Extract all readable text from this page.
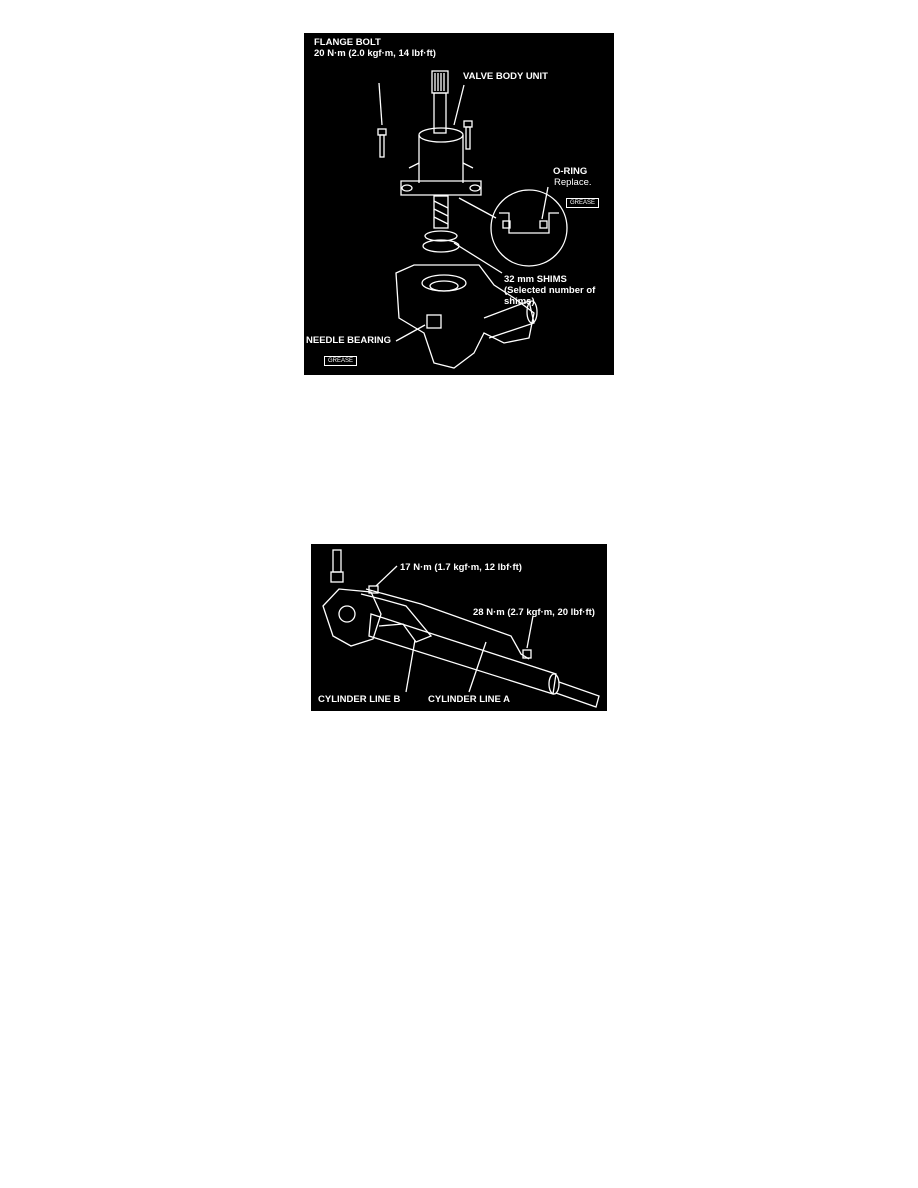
FLANGE BOLT
20 N·m (2.0 kgf·m, 14 lbf·ft)
VALVE BODY UNIT
O-RING
Replace.
GREASE
32 mm SHIMS
(Selected number of
shims)
NEEDLE BEARING
GREASE
17 N·m (1.7 kgf·m, 12 lbf·ft)
28 N·m (2.7 kgf·m, 20 lbf·ft)
CYLINDER LINE B	CYLINDER LINE A
